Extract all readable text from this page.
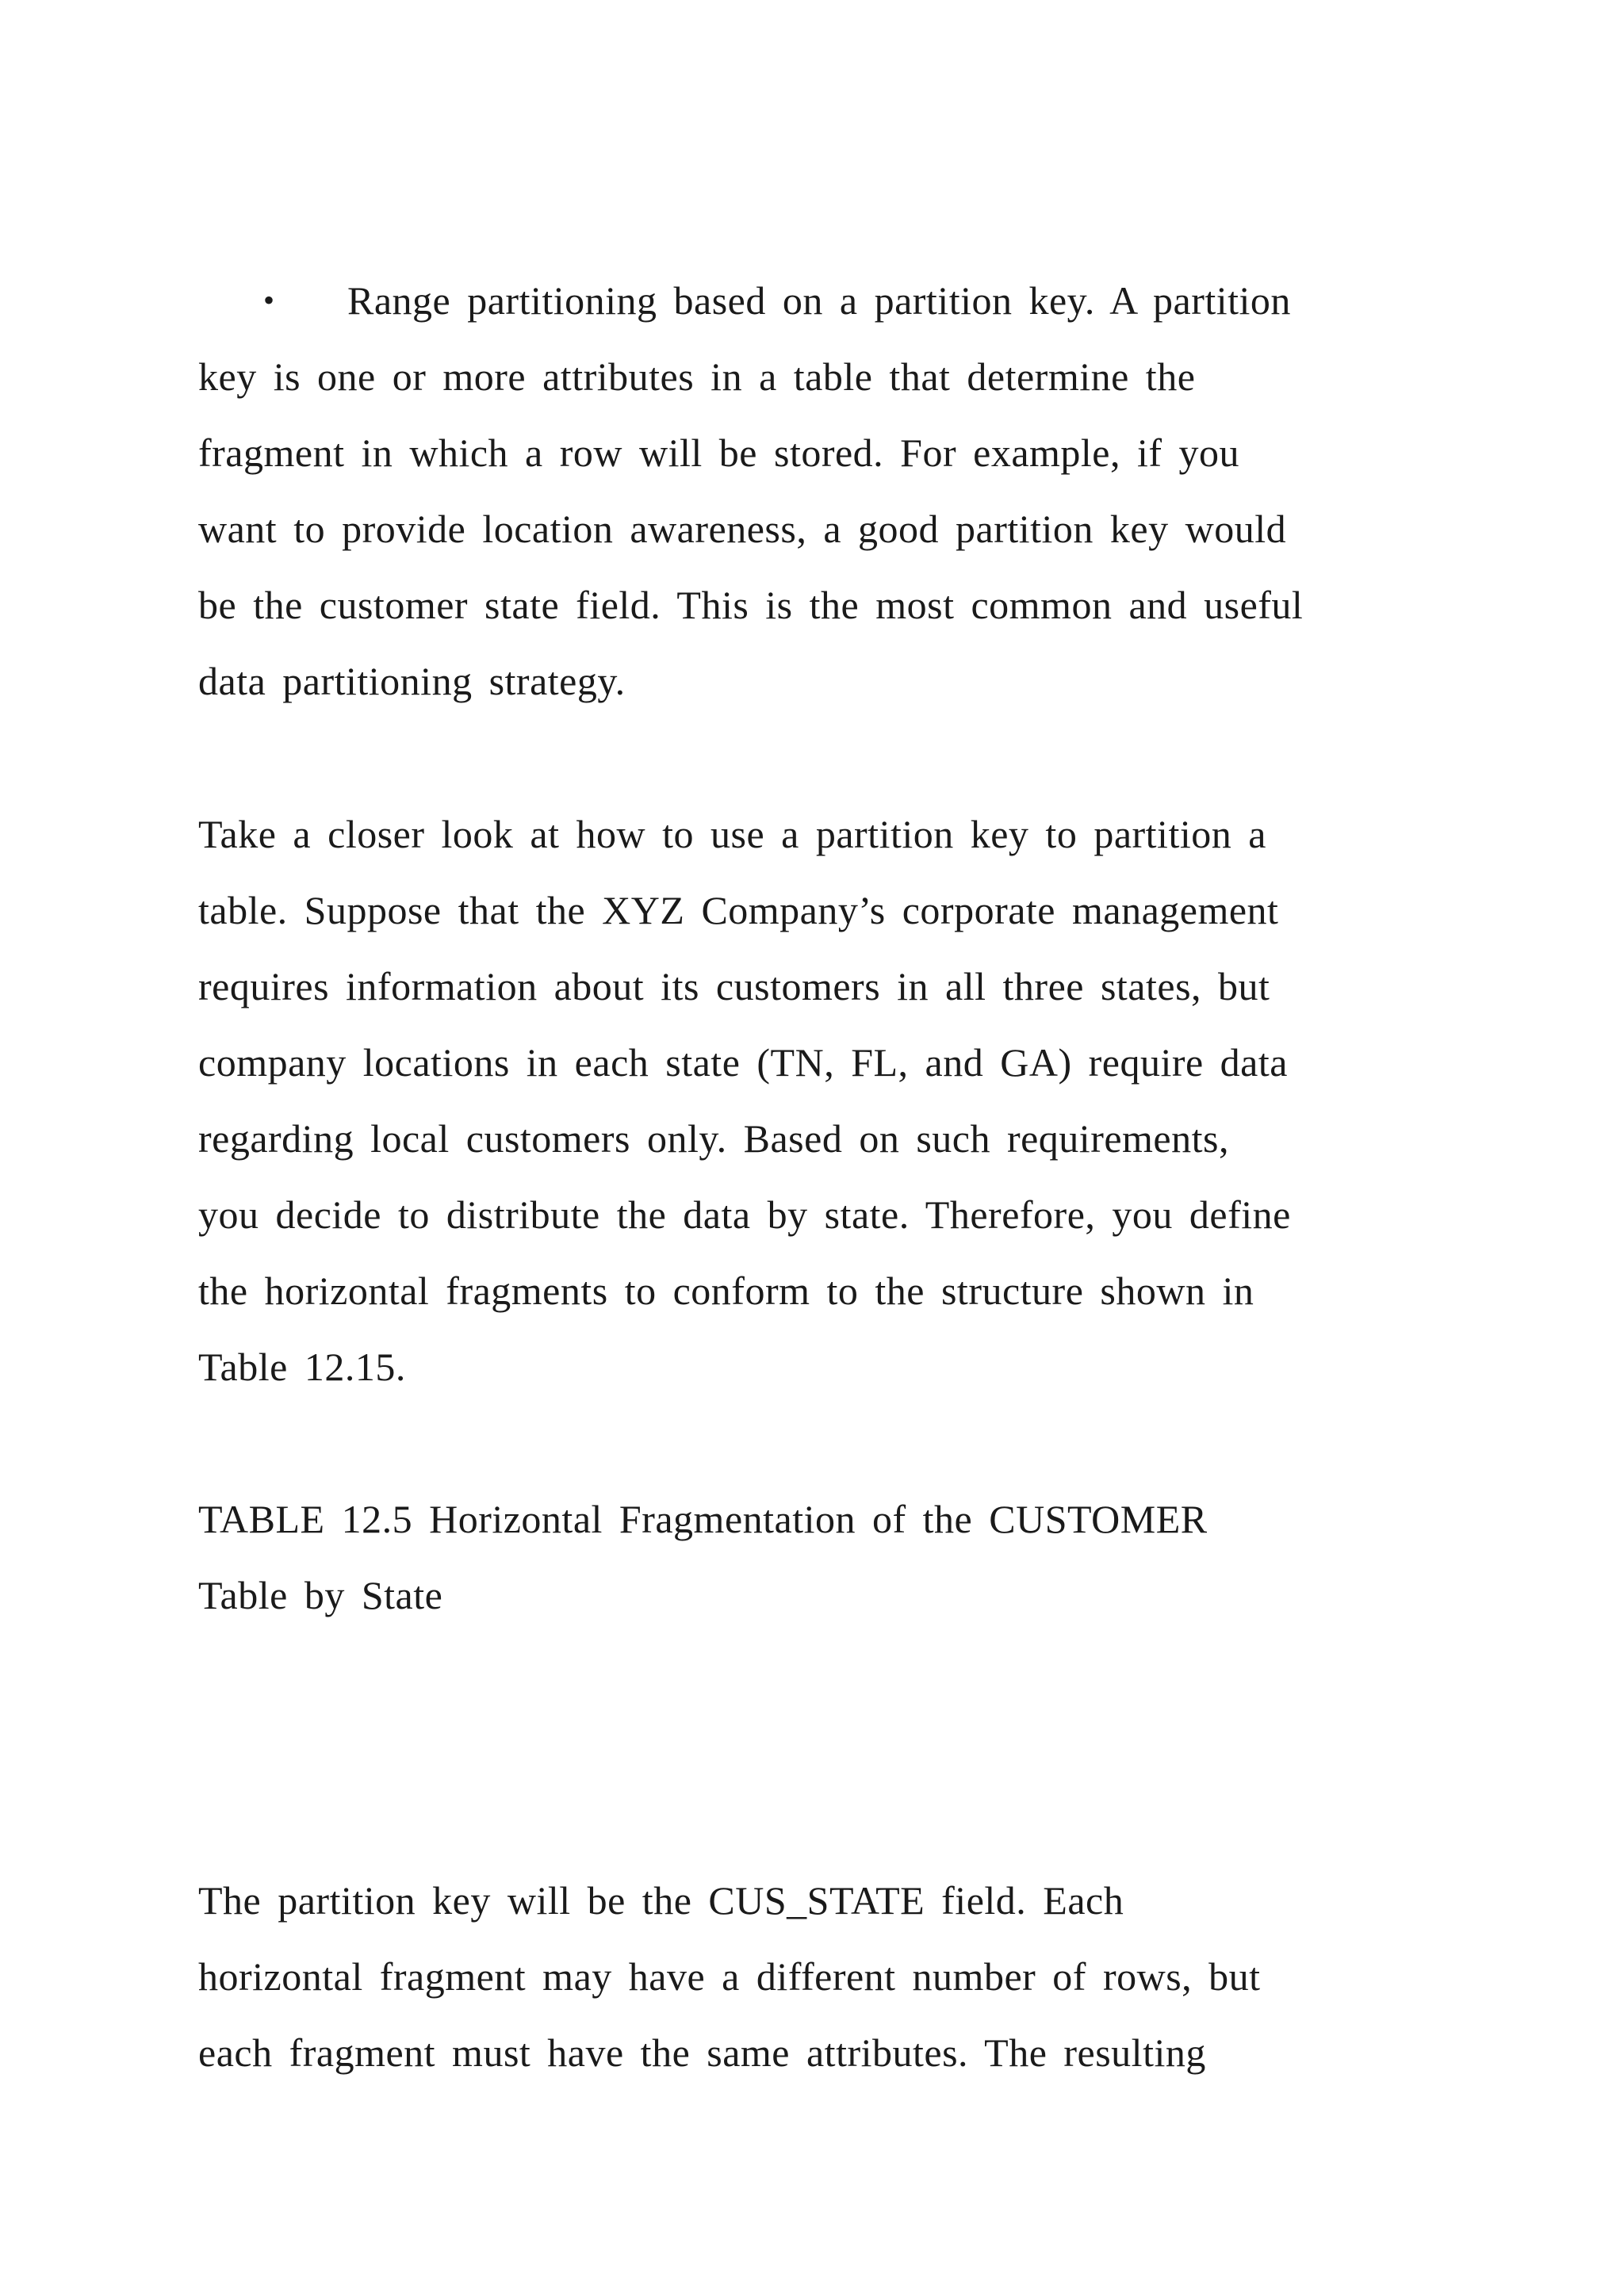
• Range partitioning based on a partition key. A partition
key is one or more attributes in a table that determine the
fragment in which a row will be stored. For example, if you
want to provide location awareness, a good partition key would
be the customer state field. This is the most common and useful
data partitioning strategy.
Take a closer look at how to use a partition key to partition a
table. Suppose that the XYZ Company’s corporate management
requires information about its customers in all three states, but
company locations in each state (TN, FL, and GA) require data
regarding local customers only. Based on such requirements,
you decide to distribute the data by state. Therefore, you define
the horizontal fragments to conform to the structure shown in
Table 12.15.
TABLE 12.5 Horizontal Fragmentation of the CUSTOMER
Table by State
The partition key will be the CUS_STATE field. Each
horizontal fragment may have a different number of rows, but
each fragment must have the same attributes. The resulting
